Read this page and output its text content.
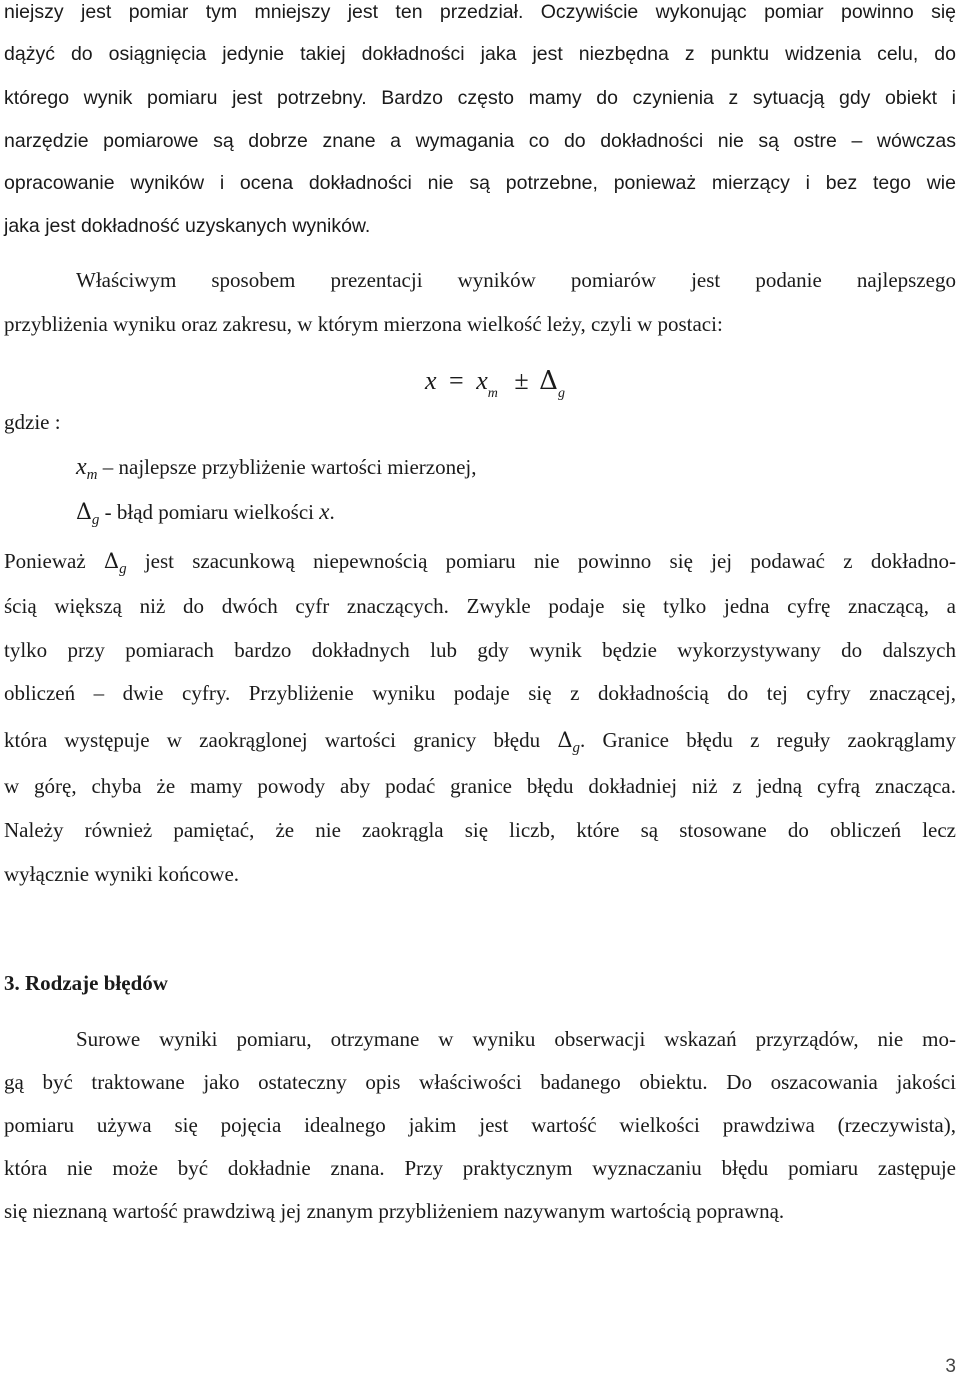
niejszy jest pomiar tym mniejszy jest ten przedział. Oczywiście wykonując pomiar powinno się
dążyć do osiągnięcia jedynie takiej dokładności jaka jest niezbędna z punktu widzenia celu, do
którego wynik pomiaru jest potrzebny. Bardzo często mamy do czynienia z sytuacją gdy obiekt i
narzędzie pomiarowe są dobrze znane a wymagania co do dokładności nie są ostre – wówczas
opracowanie wyników i ocena dokładności nie są potrzebne, ponieważ mierzący i bez tego wie
jaka jest dokładność uzyskanych wyników.
Właściwym sposobem prezentacji wyników pomiarów jest podanie najlepszego
przybliżenia wyniku oraz zakresu, w którym mierzona wielkość leży, czyli w postaci:
$x = x_m \pm \Delta_g$
gdzie :
$x_m$ – najlepsze przybliżenie wartości mierzonej,
$\Delta_g$ - błąd pomiaru wielkości x.
Ponieważ $\Delta_g$ jest szacunkową niepewnością pomiaru nie powinno się jej podawać z dokładno-
ścią większą niż do dwóch cyfr znaczących. Zwykle podaje się tylko jedna cyfrę znaczącą, a
tylko przy pomiarach bardzo dokładnych lub gdy wynik będzie wykorzystywany do dalszych
obliczeń – dwie cyfry. Przybliżenie wyniku podaje się z dokładnością do tej cyfry znaczącej,
która występuje w zaokrąglonej wartości granicy błędu $\Delta_g$. Granice błędu z reguły zaokrąglamy
w górę, chyba że mamy powody aby podać granice błędu dokładniej niż z jedną cyfrą znacząca.
Należy również pamiętać, że nie zaokrągla się liczb, które są stosowane do obliczeń lecz
wyłącznie wyniki końcowe.
3. Rodzaje błędów
Surowe wyniki pomiaru, otrzymane w wyniku obserwacji wskazań przyrządów, nie mo-
gą być traktowane jako ostateczny opis właściwości badanego obiektu. Do oszacowania jakości
pomiaru używa się pojęcia idealnego jakim jest wartość wielkości prawdziwa (rzeczywista),
która nie może być dokładnie znana. Przy praktycznym wyznaczaniu błędu pomiaru zastępuje
się nieznaną wartość prawdziwą jej znanym przybliżeniem nazywanym wartością poprawną.
3
